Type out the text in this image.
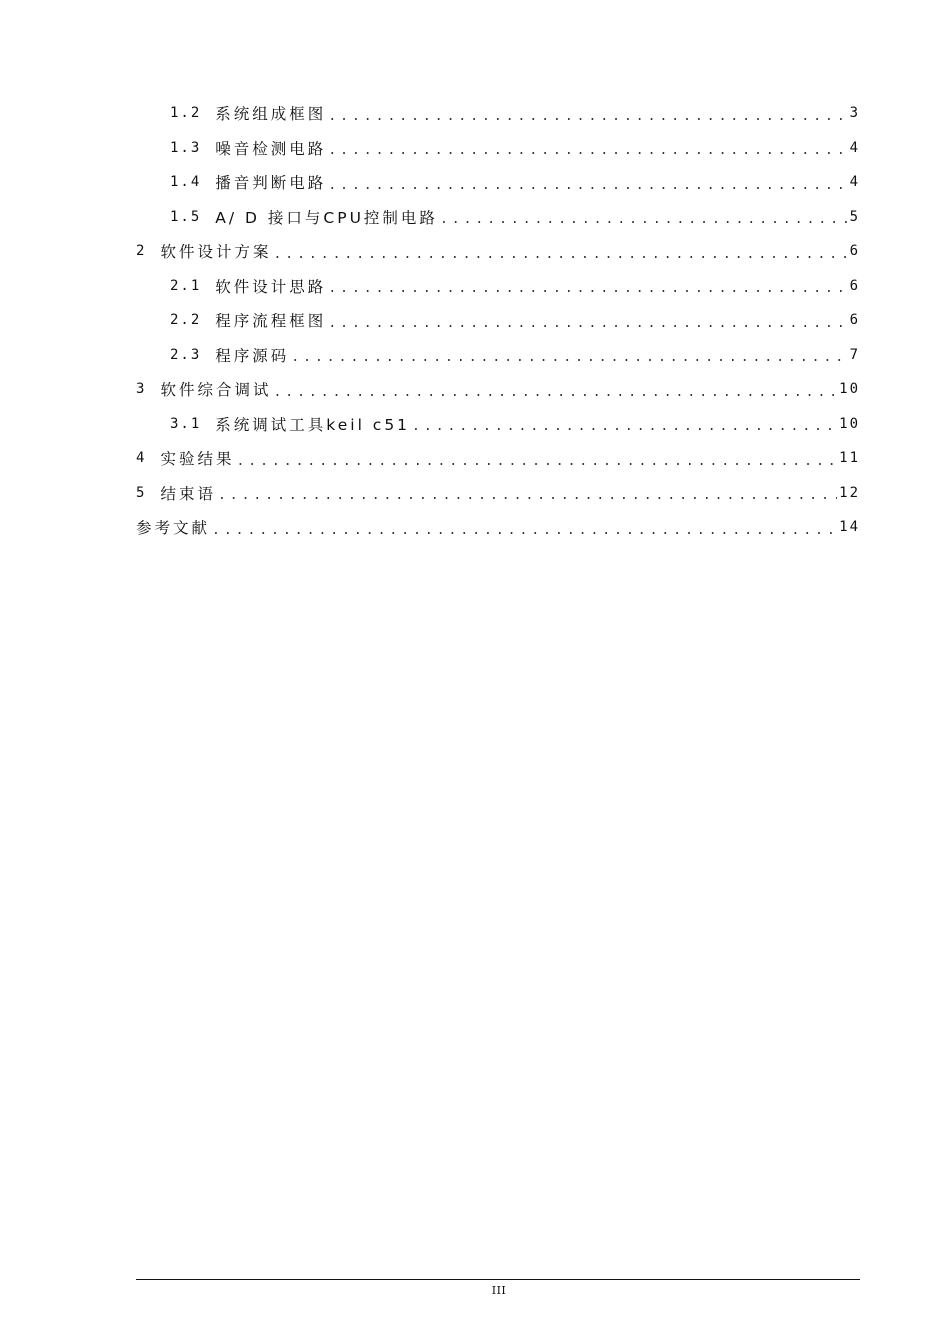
1.2 系统组成框图 .....	3
1.3 噪音检测电路 .....	4
1.4 播音判断电路 .....	4
1.5 A/ D 接口与CPU控制电路 .....	5
2 软件设计方案 .....	6
2.1 软件设计思路 .....	6
2.2 程序流程框图 .....	6
2.3 程序源码 .....	7
3 软件综合调试 .....	10
3.1 系统调试工具keil c51 .....	10
4 实验结果 .....	11
5 结束语 .....	12
参考文献 .....	14
III
